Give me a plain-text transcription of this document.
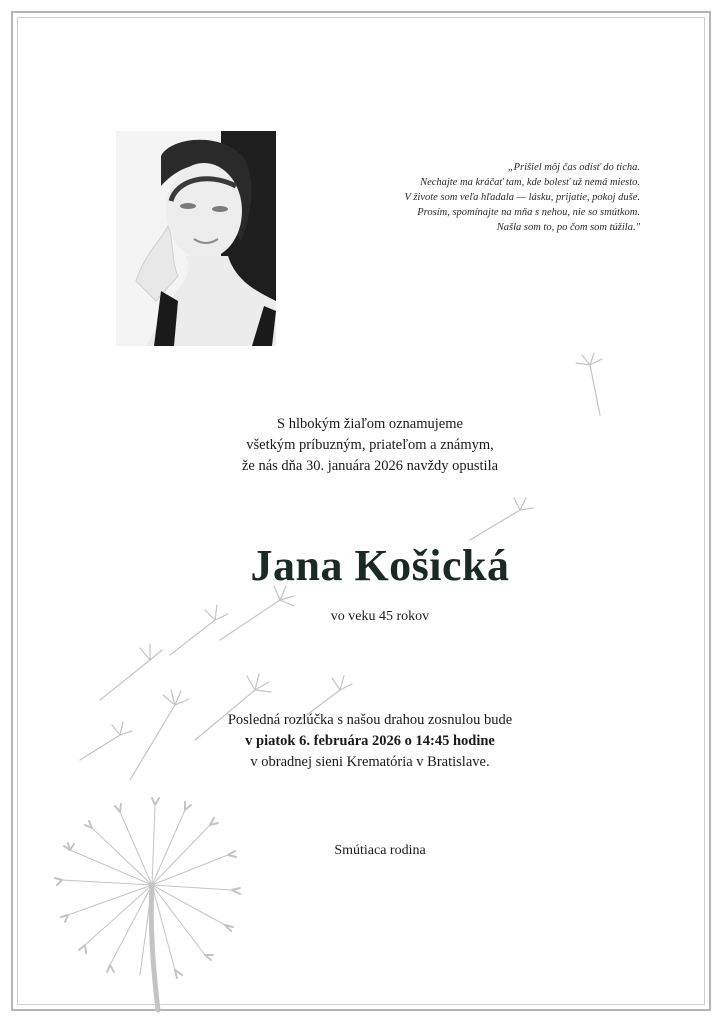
„Prišiel môj čas odísť do ticha.
Nechajte ma kráčať tam, kde bolesť už nemá miesto.
V živote som veľa hľadala — lásku, prijatie, pokoj duše.
Prosím, spomínajte na mňa s nehou, nie so smútkom.
Našla som to, po čom som túžila."
S hlbokým žiaľom oznamujeme
všetkým príbuzným, priateľom a známym,
že nás dňa 30. januára 2026 navždy opustila
Jana Košická
vo veku 45 rokov
Posledná rozlúčka s našou drahou zosnulou bude
v piatok 6. februára 2026 o 14:45 hodine
v obradnej sieni Krematória v Bratislave.
Smútiaca rodina
